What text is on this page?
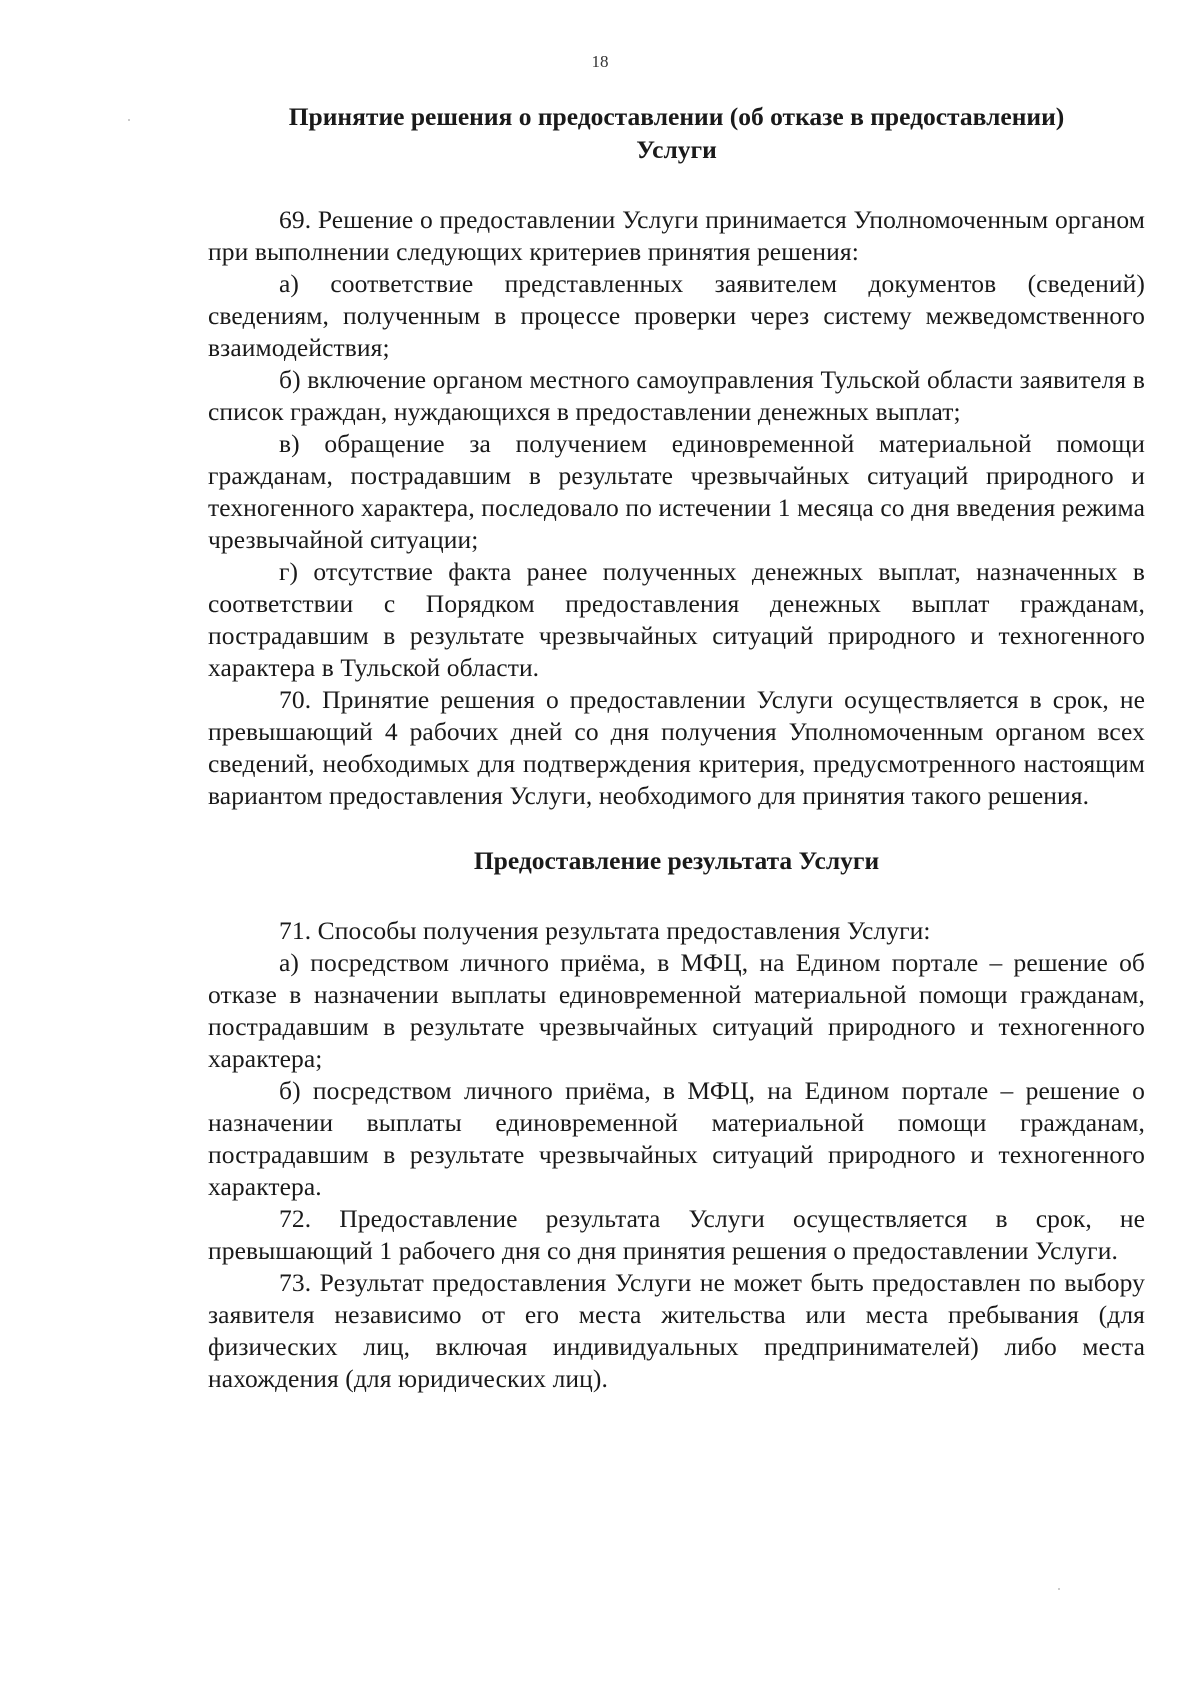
18
Принятие решения о предоставлении (об отказе в предоставлении)
Услуги

69. Решение о предоставлении Услуги принимается Уполномоченным органом при выполнении следующих критериев принятия решения:

а) соответствие представленных заявителем документов (сведений) сведениям, полученным в процессе проверки через систему межведомственного взаимодействия;

б) включение органом местного самоуправления Тульской области заявителя в список граждан, нуждающихся в предоставлении денежных выплат;

в) обращение за получением единовременной материальной помощи гражданам, пострадавшим в результате чрезвычайных ситуаций природного и техногенного характера, последовало по истечении 1 месяца со дня введения режима чрезвычайной ситуации;

г) отсутствие факта ранее полученных денежных выплат, назначенных в соответствии с Порядком предоставления денежных выплат гражданам, пострадавшим в результате чрезвычайных ситуаций природного и техногенного характера в Тульской области.

70. Принятие решения о предоставлении Услуги осуществляется в срок, не превышающий 4 рабочих дней со дня получения Уполномоченным органом всех сведений, необходимых для подтверждения критерия, предусмотренного настоящим вариантом предоставления Услуги, необходимого для принятия такого решения.

Предоставление результата Услуги

71. Способы получения результата предоставления Услуги:

а) посредством личного приёма, в МФЦ, на Едином портале – решение об отказе в назначении выплаты единовременной материальной помощи гражданам, пострадавшим в результате чрезвычайных ситуаций природного и техногенного характера;

б) посредством личного приёма, в МФЦ, на Едином портале – решение о назначении выплаты единовременной материальной помощи гражданам, пострадавшим в результате чрезвычайных ситуаций природного и техногенного характера.

72. Предоставление результата Услуги осуществляется в срок, не превышающий 1 рабочего дня со дня принятия решения о предоставлении Услуги.

73. Результат предоставления Услуги не может быть предоставлен по выбору заявителя независимо от его места жительства или места пребывания (для физических лиц, включая индивидуальных предпринимателей) либо места нахождения (для юридических лиц).
